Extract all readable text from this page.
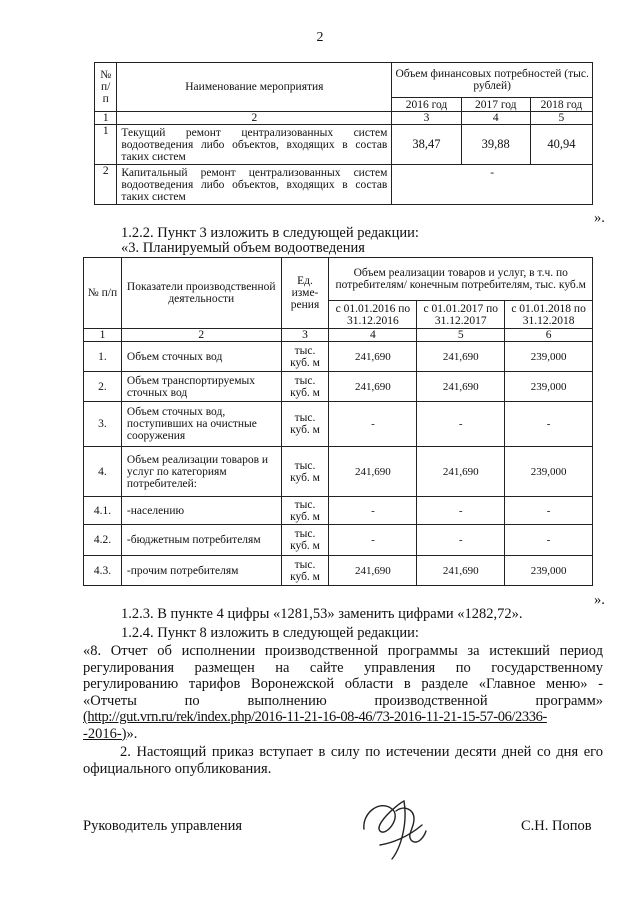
2
№ п/п	Наименование мероприятия	Объем финансовых потребностей (тыс. рублей)		
		2016 год	2017 год	2018 год
1	2	3	4	5
1	Текущий ремонт централизованных систем водоотведения либо объектов, входящих в состав таких систем	38,47	39,88	40,94
2	Капитальный ремонт централизованных систем водоотведения либо объектов, входящих в состав таких систем	-		
».
1.2.2. Пункт 3 изложить в следующей редакции:
«3. Планируемый объем водоотведения
№ п/п	Показатели производственной деятельности	Ед. изме-рения	Объем реализации товаров и услуг, в т.ч. по потребителям/ конечным потребителям, тыс. куб.м		
			с 01.01.2016 по 31.12.2016	с 01.01.2017 по 31.12.2017	с 01.01.2018 по 31.12.2018
1	2	3	4	5	6
1.	Объем сточных вод	тыс. куб. м	241,690	241,690	239,000
2.	Объем транспортируемых сточных вод	тыс. куб. м	241,690	241,690	239,000
3.	Объем сточных вод, поступивших на очистные сооружения	тыс. куб. м	-	-	-
4.	Объем реализации товаров и услуг по категориям потребителей:	тыс. куб. м	241,690	241,690	239,000
4.1.	-населению	тыс. куб. м	-	-	-
4.2.	-бюджетным потребителям	тыс. куб. м	-	-	-
4.3.	-прочим потребителям	тыс. куб. м	241,690	241,690	239,000
».
1.2.3. В пункте 4 цифры «1281,53» заменить цифрами «1282,72».
1.2.4. Пункт 8 изложить в следующей редакции:
«8. Отчет об исполнении производственной программы за истекший период
регулирования размещен на сайте управления по государственному
регулированию тарифов Воронежской области в разделе «Главное меню» -
«Отчеты по выполнению производственной программ»
(http://gut.vrn.ru/rek/index.php/2016-11-21-16-08-46/73-2016-11-21-15-57-06/2336-
-2016-)».
2. Настоящий приказ вступает в силу по истечении десяти дней со дня его
официального опубликования.
Руководитель управления	С.Н. Попов
